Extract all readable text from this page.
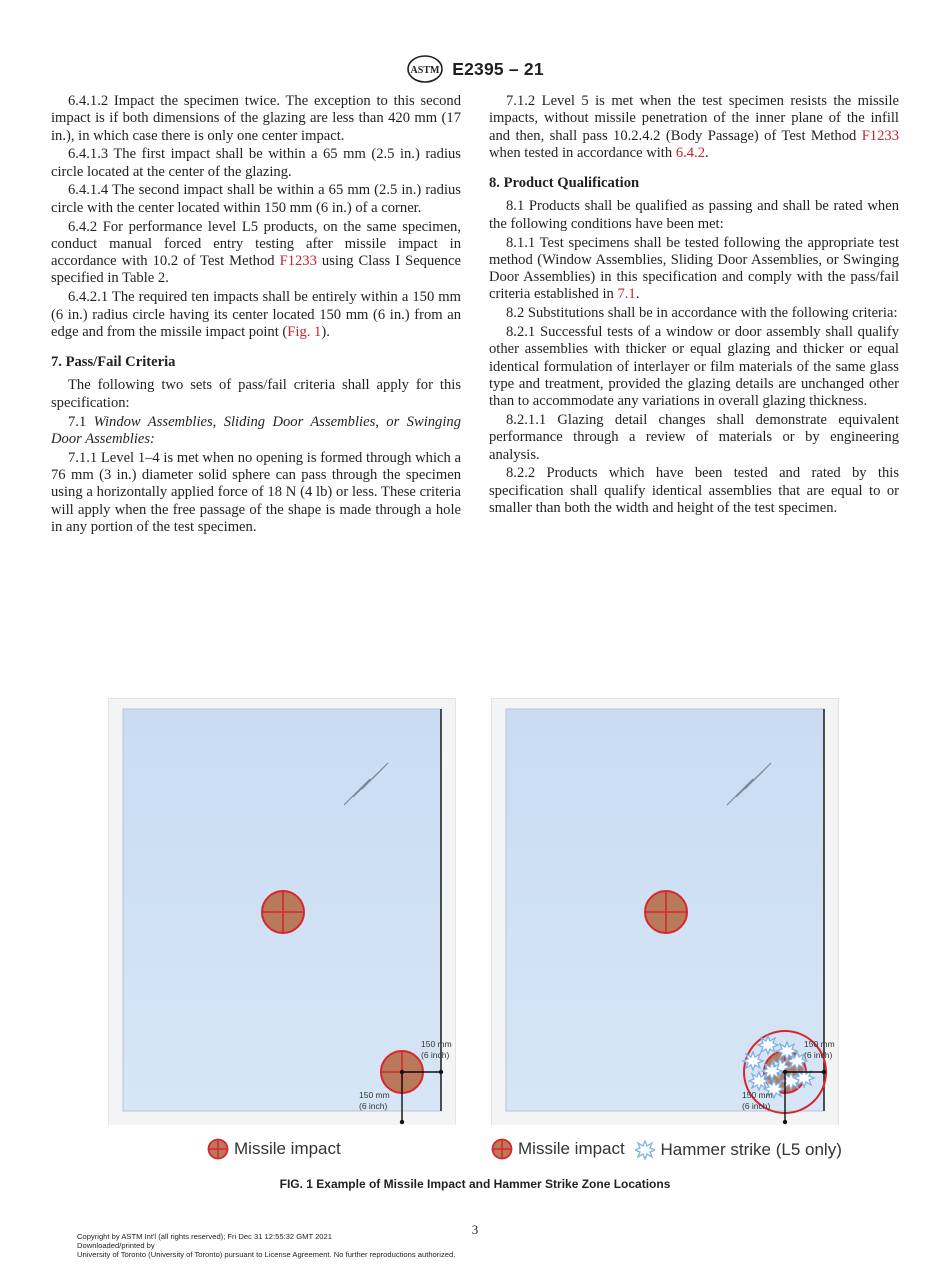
ASTM E2395 – 21

6.4.1.2 Impact the specimen twice. The exception to this second impact is if both dimensions of the glazing are less than 420 mm (17 in.), in which case there is only one center impact.

6.4.1.3 The first impact shall be within a 65 mm (2.5 in.) radius circle located at the center of the glazing.

6.4.1.4 The second impact shall be within a 65 mm (2.5 in.) radius circle with the center located within 150 mm (6 in.) of a corner.

6.4.2 For performance level L5 products, on the same specimen, conduct manual forced entry testing after missile impact in accordance with 10.2 of Test Method F1233 using Class I Sequence specified in Table 2.

6.4.2.1 The required ten impacts shall be entirely within a 150 mm (6 in.) radius circle having its center located 150 mm (6 in.) from an edge and from the missile impact point (Fig. 1).

7. Pass/Fail Criteria

The following two sets of pass/fail criteria shall apply for this specification:

7.1 Window Assemblies, Sliding Door Assemblies, or Swinging Door Assemblies:

7.1.1 Level 1–4 is met when no opening is formed through which a 76 mm (3 in.) diameter solid sphere can pass through the specimen using a horizontally applied force of 18 N (4 lb) or less. These criteria will apply when the free passage of the shape is made through a hole in any portion of the test specimen.

7.1.2 Level 5 is met when the test specimen resists the missile impacts, without missile penetration of the inner plane of the infill and then, shall pass 10.2.4.2 (Body Passage) of Test Method F1233 when tested in accordance with 6.4.2.

8. Product Qualification

8.1 Products shall be qualified as passing and shall be rated when the following conditions have been met:

8.1.1 Test specimens shall be tested following the appropriate test method (Window Assemblies, Sliding Door Assemblies, or Swinging Door Assemblies) in this specification and comply with the pass/fail criteria established in 7.1.

8.2 Substitutions shall be in accordance with the following criteria:

8.2.1 Successful tests of a window or door assembly shall qualify other assemblies with thicker or equal glazing and thicker or equal identical formulation of interlayer or film materials of the same glass type and treatment, provided the glazing details are unchanged other than to accommodate any variations in overall glazing thickness.

8.2.1.1 Glazing detail changes shall demonstrate equivalent performance through a review of materials or by engineering analysis.

8.2.2 Products which have been tested and rated by this specification shall qualify identical assemblies that are equal to or smaller than both the width and height of the test specimen.

150 mm
(6 inch)
150 mm
(6 inch)
150 mm
(6 inch)
150 mm
(6 inch)
Missile impact	Missile impact
Hammer strike (L5 only)
FIG. 1 Example of Missile Impact and Hammer Strike Zone Locations
3
Copyright by ASTM Int'l (all rights reserved); Fri Dec 31 12:55:32 GMT 2021
Downloaded/printed by
University of Toronto (University of Toronto) pursuant to License Agreement. No further reproductions authorized.
